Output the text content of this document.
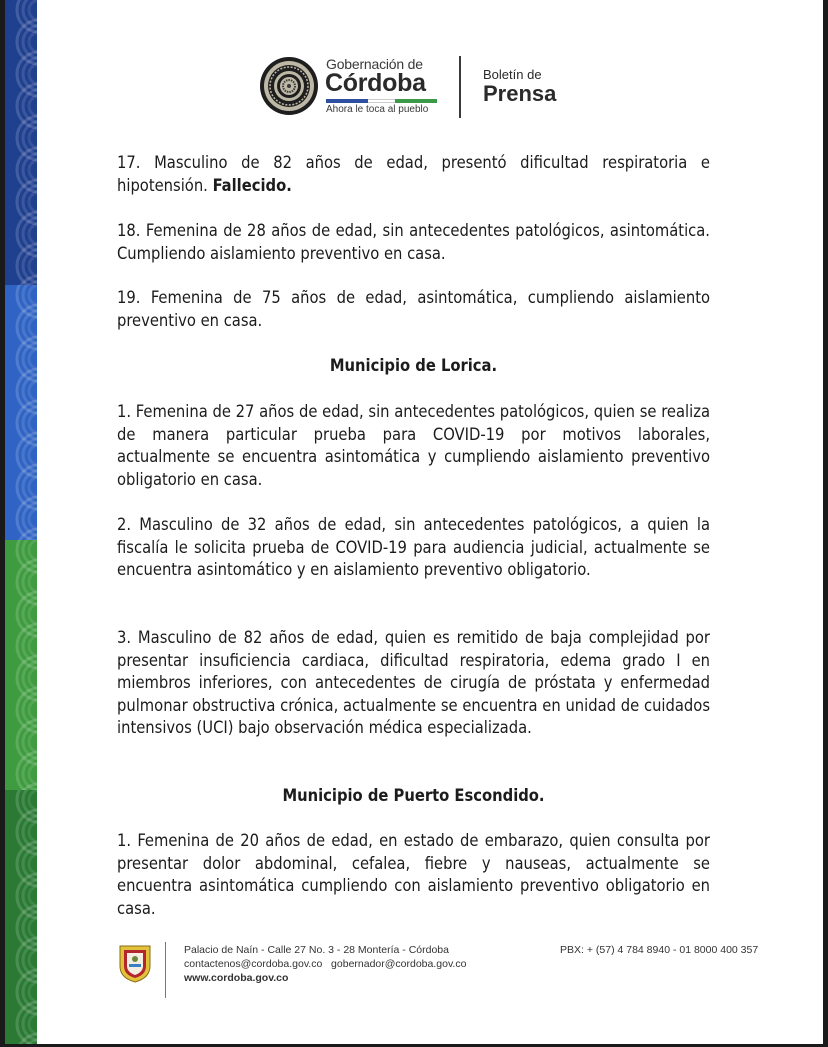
Gobernación de
Córdoba
Ahora le toca al pueblo
Boletín de
Prensa

17. Masculino de 82 años de edad, presentó dificultad respiratoria e hipotensión. Fallecido.

18. Femenina de 28 años de edad, sin antecedentes patológicos, asintomática. Cumpliendo aislamiento preventivo en casa.

19. Femenina de 75 años de edad, asintomática, cumpliendo aislamiento preventivo en casa.

Municipio de Lorica.

1. Femenina de 27 años de edad, sin antecedentes patológicos, quien se realiza de manera particular prueba para COVID-19 por motivos laborales, actualmente se encuentra asintomática y cumpliendo aislamiento preventivo obligatorio en casa.

2. Masculino de 32 años de edad, sin antecedentes patológicos, a quien la fiscalía le solicita prueba de COVID-19 para audiencia judicial, actualmente se encuentra asintomático y en aislamiento preventivo obligatorio.

3. Masculino de 82 años de edad, quien es remitido de baja complejidad por presentar insuficiencia cardiaca, dificultad respiratoria, edema grado I en miembros inferiores, con antecedentes de cirugía de próstata y enfermedad pulmonar obstructiva crónica, actualmente se encuentra en unidad de cuidados intensivos (UCI) bajo observación médica especializada.

Municipio de Puerto Escondido.

1. Femenina de 20 años de edad, en estado de embarazo, quien consulta por presentar dolor abdominal, cefalea, fiebre y nauseas, actualmente se encuentra asintomática cumpliendo con aislamiento preventivo obligatorio en casa.

Palacio de Naín - Calle 27 No. 3 - 28 Montería - Córdoba	PBX: + (57) 4 784 8940 - 01 8000 400 357
contactenos@cordoba.gov.co   gobernador@cordoba.gov.co
www.cordoba.gov.co
